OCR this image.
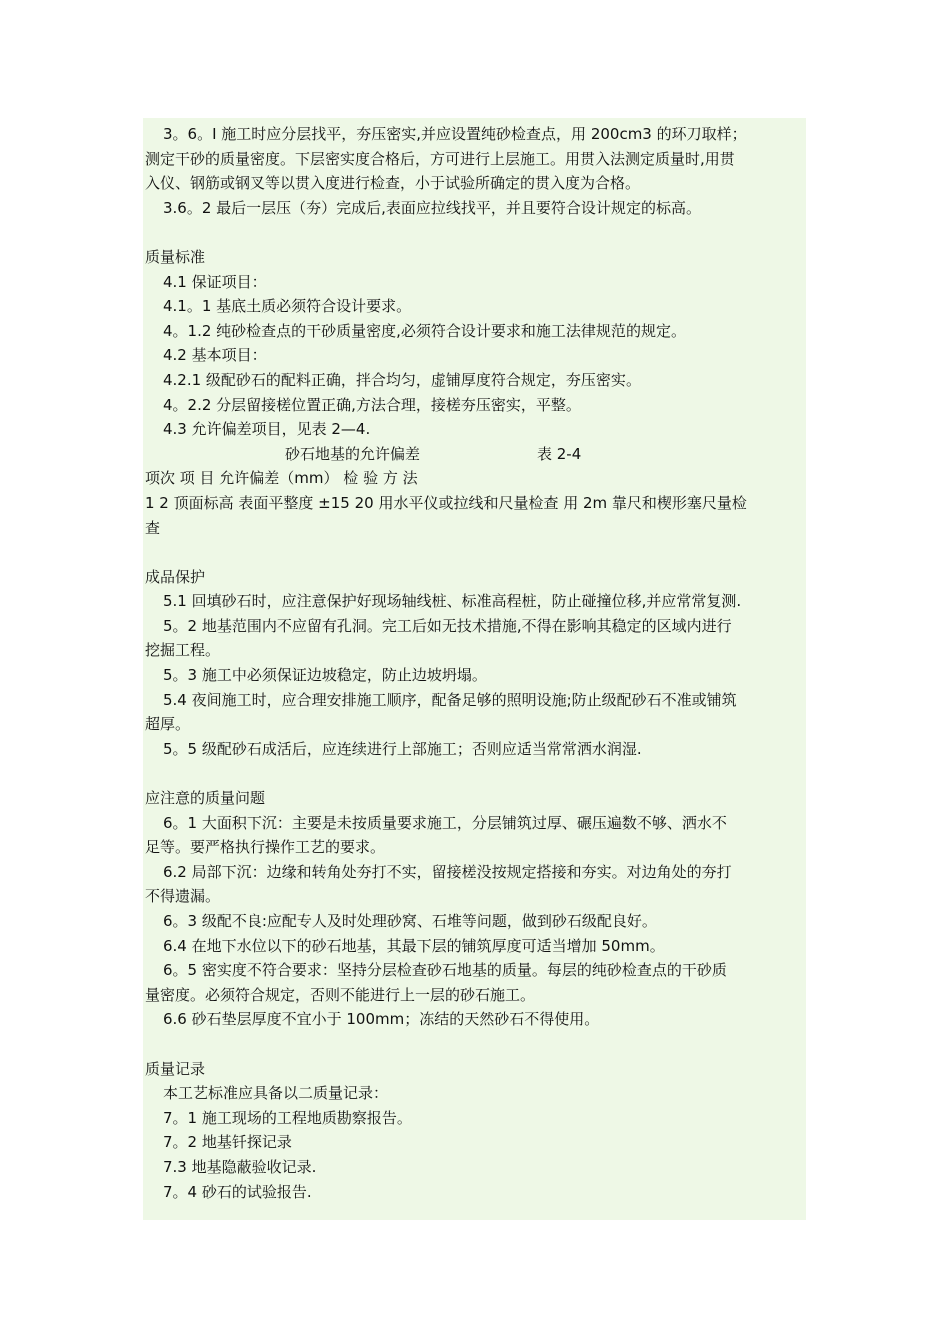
3。6。I 施工时应分层找平，夯压密实,并应设置纯砂检查点，用 200cm3 的环刀取样；
测定干砂的质量密度。下层密实度合格后，方可进行上层施工。用贯入法测定质量时,用贯
入仪、钢筋或钢叉等以贯入度进行检查，小于试验所确定的贯入度为合格。
3.6。2 最后一层压（夯）完成后,表面应拉线找平，并且要符合设计规定的标高。
质量标准
4.1 保证项目：
4.1。1 基底土质必须符合设计要求。
4。1.2 纯砂检查点的干砂质量密度,必须符合设计要求和施工法律规范的规定。
4.2 基本项目：
4.2.1 级配砂石的配料正确，拌合均匀，虚铺厚度符合规定，夯压密实。
4。2.2 分层留接槎位置正确,方法合理，接槎夯压密实，平整。
4.3 允许偏差项目，见表 2—4.
砂石地基的允许偏差	表 2-4
项次 项 目 允许偏差（mm） 检 验 方 法
1 2 顶面标高 表面平整度 ±15 20 用水平仪或拉线和尺量检查 用 2m 靠尺和楔形塞尺量检
查
成品保护
5.1 回填砂石时，应注意保护好现场轴线桩、标准高程桩，防止碰撞位移,并应常常复测.
5。2 地基范围内不应留有孔洞。完工后如无技术措施,不得在影响其稳定的区域内进行
挖掘工程。
5。3 施工中必须保证边坡稳定，防止边坡坍塌。
5.4 夜间施工时，应合理安排施工顺序，配备足够的照明设施;防止级配砂石不准或铺筑
超厚。
5。5 级配砂石成活后，应连续进行上部施工；否则应适当常常洒水润湿.
应注意的质量问题
6。1 大面积下沉：主要是未按质量要求施工，分层铺筑过厚、碾压遍数不够、洒水不
足等。要严格执行操作工艺的要求。
6.2 局部下沉：边缘和转角处夯打不实，留接槎没按规定搭接和夯实。对边角处的夯打
不得遗漏。
6。3 级配不良:应配专人及时处理砂窝、石堆等问题，做到砂石级配良好。
6.4 在地下水位以下的砂石地基，其最下层的铺筑厚度可适当增加 50mm。
6。5 密实度不符合要求：坚持分层检查砂石地基的质量。每层的纯砂检查点的干砂质
量密度。必须符合规定，否则不能进行上一层的砂石施工。
6.6 砂石垫层厚度不宜小于 100mm；冻结的天然砂石不得使用。
质量记录
本工艺标准应具备以二质量记录：
7。1 施工现场的工程地质勘察报告。
7。2 地基钎探记录
7.3 地基隐蔽验收记录.
7。4 砂石的试验报告.
